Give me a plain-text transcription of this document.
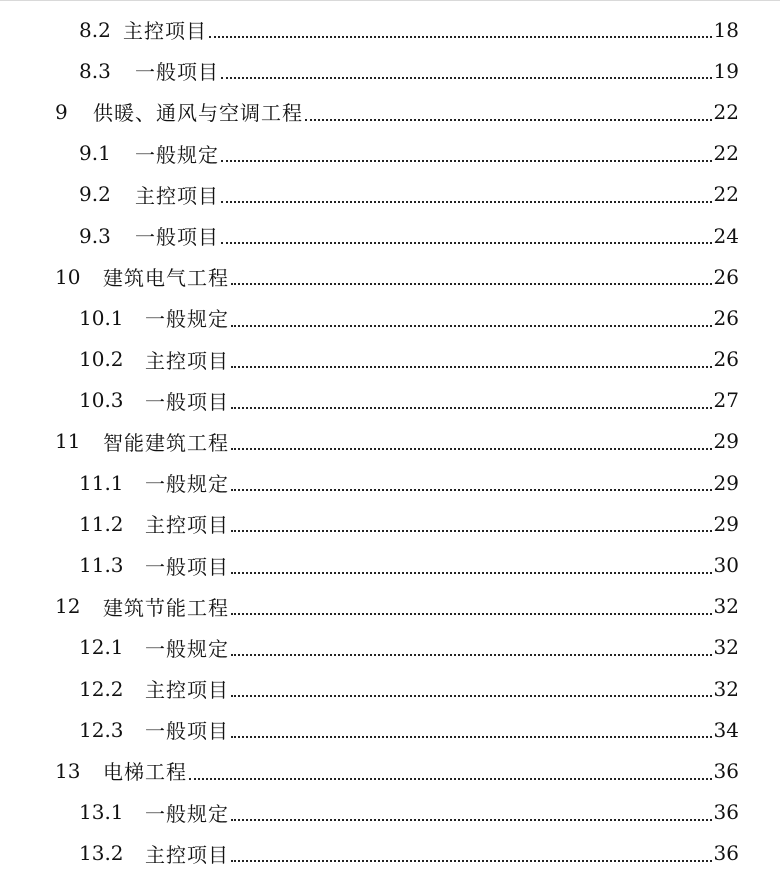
8.2 主控项目	18
8.3	一般项目	19
9	供暖、通风与空调工程	22
9.1	一般规定	22
9.2	主控项目	22
9.3	一般项目	24
10	建筑电气工程	26
10.1	一般规定	26
10.2	主控项目	26
10.3	一般项目	27
11	智能建筑工程	29
11.1	一般规定	29
11.2	主控项目	29
11.3	一般项目	30
12	建筑节能工程	32
12.1	一般规定	32
12.2	主控项目	32
12.3	一般项目	34
13	电梯工程	36
13.1	一般规定	36
13.2	主控项目	36
